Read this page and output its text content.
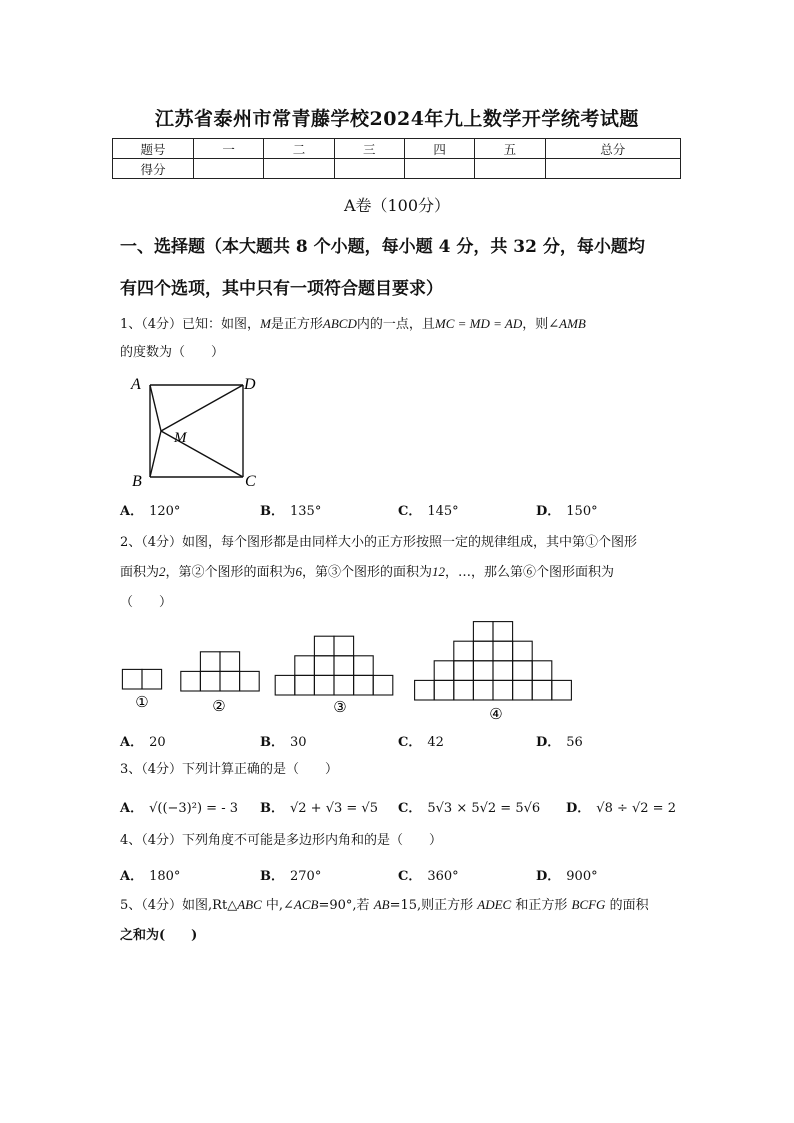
江苏省泰州市常青藤学校2024年九上数学开学统考试题
题号	一	二	三	四	五	总分
得分						
A卷（100分）
一、选择题（本大题共 8 个小题，每小题 4 分，共 32 分，每小题均
有四个选项，其中只有一项符合题目要求）
1、（4分）已知：如图，M是正方形ABCD内的一点，且MC = MD = AD，则∠AMB
的度数为（　　）
A	D
B	C
M
A． 120°	B． 135°	C． 145°	D． 150°
2、（4分）如图，每个图形都是由同样大小的正方形按照一定的规律组成，其中第①个图形
面积为2，第②个图形的面积为6，第③个图形的面积为12，…，那么第⑥个图形面积为
（　　）
①	②	③	④
A． 20	B． 30	C． 42	D． 56
3、（4分）下列计算正确的是（　　）
A． √((−3)²) = - 3 B． √2 + √3 = √5 C． 5√3 × 5√2 = 5√6 D． √8 ÷ √2 = 2
4、（4分）下列角度不可能是多边形内角和的是（　　）
A． 180°	B． 270°	C． 360°	D． 900°
5、（4分）如图,Rt△ABC 中,∠ACB=90°,若 AB=15,则正方形 ADEC 和正方形 BCFG 的面积
之和为(　　)
